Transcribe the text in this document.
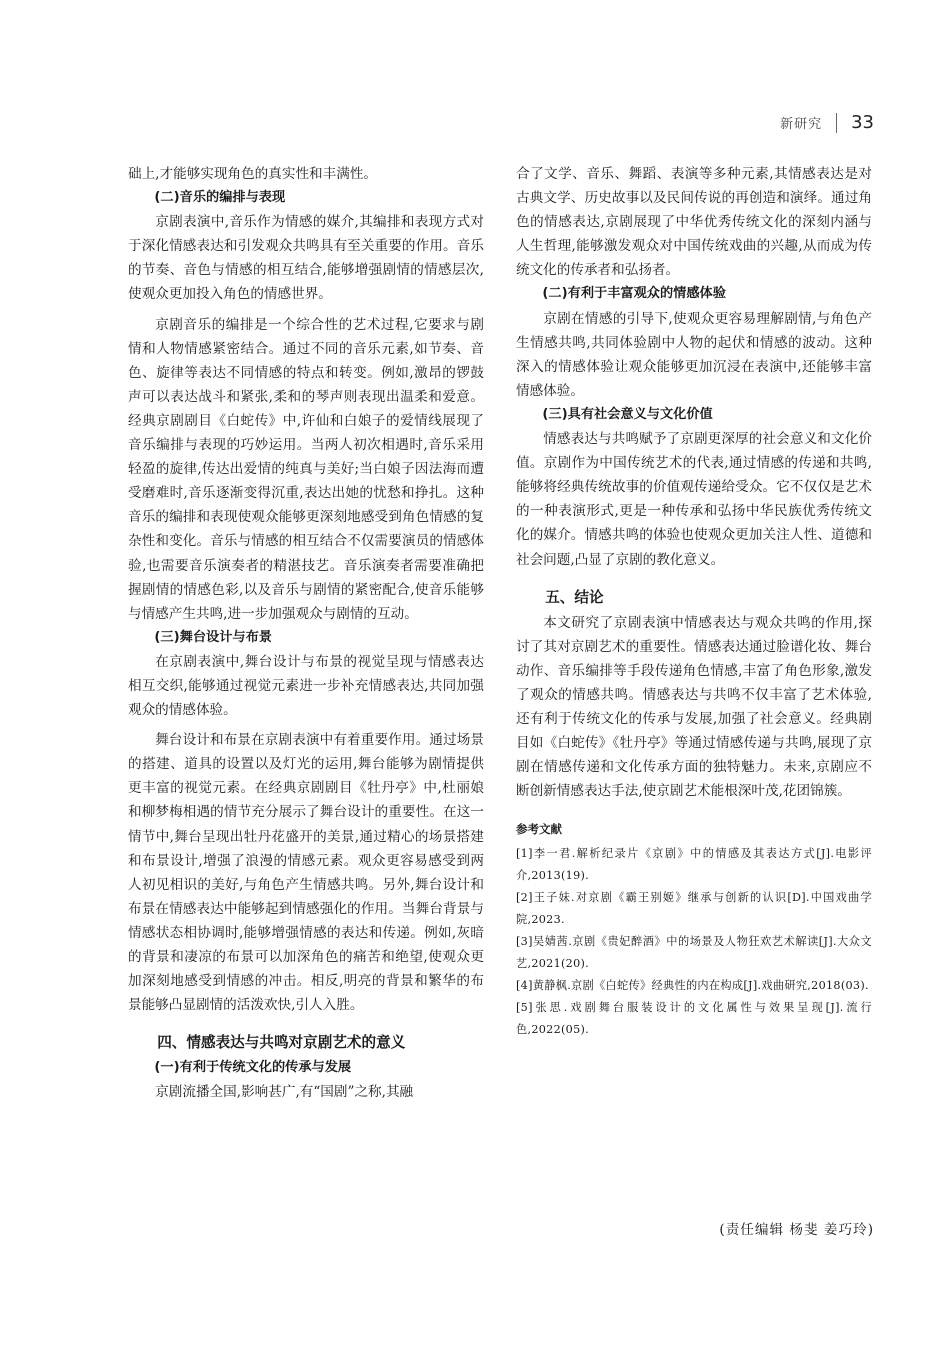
新研究 33

础上,才能够实现角色的真实性和丰满性。

(二)音乐的编排与表现

京剧表演中,音乐作为情感的媒介,其编排和表现方式对于深化情感表达和引发观众共鸣具有至关重要的作用。音乐的节奏、音色与情感的相互结合,能够增强剧情的情感层次,使观众更加投入角色的情感世界。

京剧音乐的编排是一个综合性的艺术过程,它要求与剧情和人物情感紧密结合。通过不同的音乐元素,如节奏、音色、旋律等表达不同情感的特点和转变。例如,激昂的锣鼓声可以表达战斗和紧张,柔和的琴声则表现出温柔和爱意。经典京剧剧目《白蛇传》中,许仙和白娘子的爱情线展现了音乐编排与表现的巧妙运用。当两人初次相遇时,音乐采用轻盈的旋律,传达出爱情的纯真与美好;当白娘子因法海而遭受磨难时,音乐逐渐变得沉重,表达出她的忧愁和挣扎。这种音乐的编排和表现使观众能够更深刻地感受到角色情感的复杂性和变化。音乐与情感的相互结合不仅需要演员的情感体验,也需要音乐演奏者的精湛技艺。音乐演奏者需要准确把握剧情的情感色彩,以及音乐与剧情的紧密配合,使音乐能够与情感产生共鸣,进一步加强观众与剧情的互动。

(三)舞台设计与布景

在京剧表演中,舞台设计与布景的视觉呈现与情感表达相互交织,能够通过视觉元素进一步补充情感表达,共同加强观众的情感体验。

舞台设计和布景在京剧表演中有着重要作用。通过场景的搭建、道具的设置以及灯光的运用,舞台能够为剧情提供更丰富的视觉元素。在经典京剧剧目《牡丹亭》中,杜丽娘和柳梦梅相遇的情节充分展示了舞台设计的重要性。在这一情节中,舞台呈现出牡丹花盛开的美景,通过精心的场景搭建和布景设计,增强了浪漫的情感元素。观众更容易感受到两人初见相识的美好,与角色产生情感共鸣。另外,舞台设计和布景在情感表达中能够起到情感强化的作用。当舞台背景与情感状态相协调时,能够增强情感的表达和传递。例如,灰暗的背景和凄凉的布景可以加深角色的痛苦和绝望,使观众更加深刻地感受到情感的冲击。相反,明亮的背景和繁华的布景能够凸显剧情的活泼欢快,引人入胜。

四、情感表达与共鸣对京剧艺术的意义

(一)有利于传统文化的传承与发展

京剧流播全国,影响甚广,有“国剧”之称,其融

合了文学、音乐、舞蹈、表演等多种元素,其情感表达是对古典文学、历史故事以及民间传说的再创造和演绎。通过角色的情感表达,京剧展现了中华优秀传统文化的深刻内涵与人生哲理,能够激发观众对中国传统戏曲的兴趣,从而成为传统文化的传承者和弘扬者。

(二)有利于丰富观众的情感体验

京剧在情感的引导下,使观众更容易理解剧情,与角色产生情感共鸣,共同体验剧中人物的起伏和情感的波动。这种深入的情感体验让观众能够更加沉浸在表演中,还能够丰富情感体验。

(三)具有社会意义与文化价值

情感表达与共鸣赋予了京剧更深厚的社会意义和文化价值。京剧作为中国传统艺术的代表,通过情感的传递和共鸣,能够将经典传统故事的价值观传递给受众。它不仅仅是艺术的一种表演形式,更是一种传承和弘扬中华民族优秀传统文化的媒介。情感共鸣的体验也使观众更加关注人性、道德和社会问题,凸显了京剧的教化意义。

五、结论

本文研究了京剧表演中情感表达与观众共鸣的作用,探讨了其对京剧艺术的重要性。情感表达通过脸谱化妆、舞台动作、音乐编排等手段传递角色情感,丰富了角色形象,激发了观众的情感共鸣。情感表达与共鸣不仅丰富了艺术体验,还有利于传统文化的传承与发展,加强了社会意义。经典剧目如《白蛇传》《牡丹亭》等通过情感传递与共鸣,展现了京剧在情感传递和文化传承方面的独特魅力。未来,京剧应不断创新情感表达手法,使京剧艺术能根深叶茂,花团锦簇。

参考文献

[1]李一君.解析纪录片《京剧》中的情感及其表达方式[J].电影评介,2013(19).

[2]王子妹.对京剧《霸王别姬》继承与创新的认识[D].中国戏曲学院,2023.

[3]吴婧茜.京剧《贵妃醉酒》中的场景及人物狂欢艺术解读[J].大众文艺,2021(20).

[4]黄静枫.京剧《白蛇传》经典性的内在构成[J].戏曲研究,2018(03).

[5]张思.戏剧舞台服装设计的文化属性与效果呈现[J].流行色,2022(05).

(责任编辑 杨斐 姜巧玲)
